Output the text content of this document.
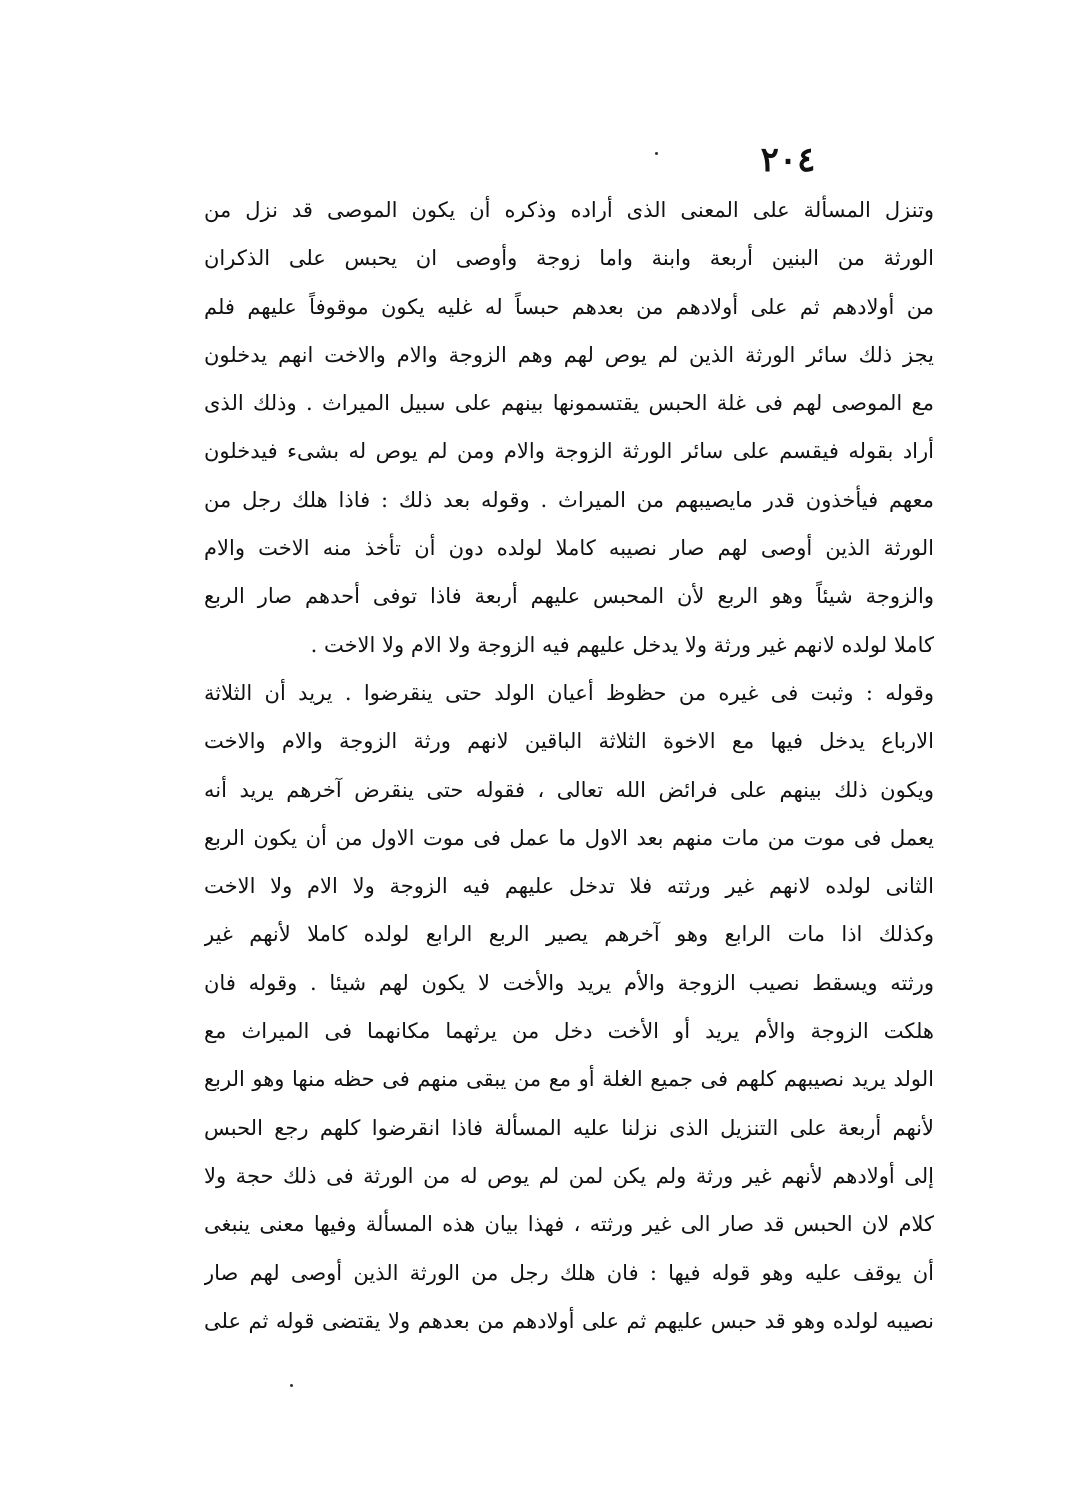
٢٠٤
وتنزل المسألة على المعنى الذى أراده وذكره أن يكون الموصى قد نزل من
الورثة من البنين أربعة وابنة واما زوجة وأوصى ان يحبس على الذكران
من أولادهم ثم على أولادهم من بعدهم حبساً له غليه يكون موقوفاً عليهم فلم
يجز ذلك سائر الورثة الذين لم يوص لهم وهم الزوجة والام والاخت انهم يدخلون
مع الموصى لهم فى غلة الحبس يقتسمونها بينهم على سبيل الميراث . وذلك الذى
أراد بقوله فيقسم على سائر الورثة الزوجة والام ومن لم يوص له بشىء فيدخلون
معهم فيأخذون قدر مايصيبهم من الميراث . وقوله بعد ذلك : فاذا هلك رجل من
الورثة الذين أوصى لهم صار نصيبه كاملا لولده دون أن تأخذ منه الاخت والام
والزوجة شيئاً وهو الربع لأن المحبس عليهم أربعة فاذا توفى أحدهم صار الربع
كاملا لولده لانهم غير ورثة ولا يدخل عليهم فيه الزوجة ولا الام ولا الاخت .
وقوله : وثبت فى غيره من حظوظ أعيان الولد حتى ينقرضوا . يريد أن الثلاثة
الارباع يدخل فيها مع الاخوة الثلاثة الباقين لانهم ورثة الزوجة والام والاخت
ويكون ذلك بينهم على فرائض الله تعالى ، فقوله حتى ينقرض آخرهم يريد أنه
يعمل فى موت من مات منهم بعد الاول ما عمل فى موت الاول من أن يكون الربع
الثانى لولده لانهم غير ورثته فلا تدخل عليهم فيه الزوجة ولا الام ولا الاخت
وكذلك اذا مات الرابع وهو آخرهم يصير الربع الرابع لولده كاملا لأنهم غير
ورثته ويسقط نصيب الزوجة والأم يريد والأخت لا يكون لهم شيئا . وقوله فان
هلكت الزوجة والأم يريد أو الأخت دخل من يرثهما مكانهما فى الميراث مع
الولد يريد نصيبهم كلهم فى جميع الغلة أو مع من يبقى منهم فى حظه منها وهو الربع
لأنهم أربعة على التنزيل الذى نزلنا عليه المسألة فاذا انقرضوا كلهم رجع الحبس
إلى أولادهم لأنهم غير ورثة ولم يكن لمن لم يوص له من الورثة فى ذلك حجة ولا
كلام لان الحبس قد صار الى غير ورثته ، فهذا بيان هذه المسألة وفيها معنى ينبغى
أن يوقف عليه وهو قوله فيها : فان هلك رجل من الورثة الذين أوصى لهم صار
نصيبه لولده وهو قد حبس عليهم ثم على أولادهم من بعدهم ولا يقتضى قوله ثم على
